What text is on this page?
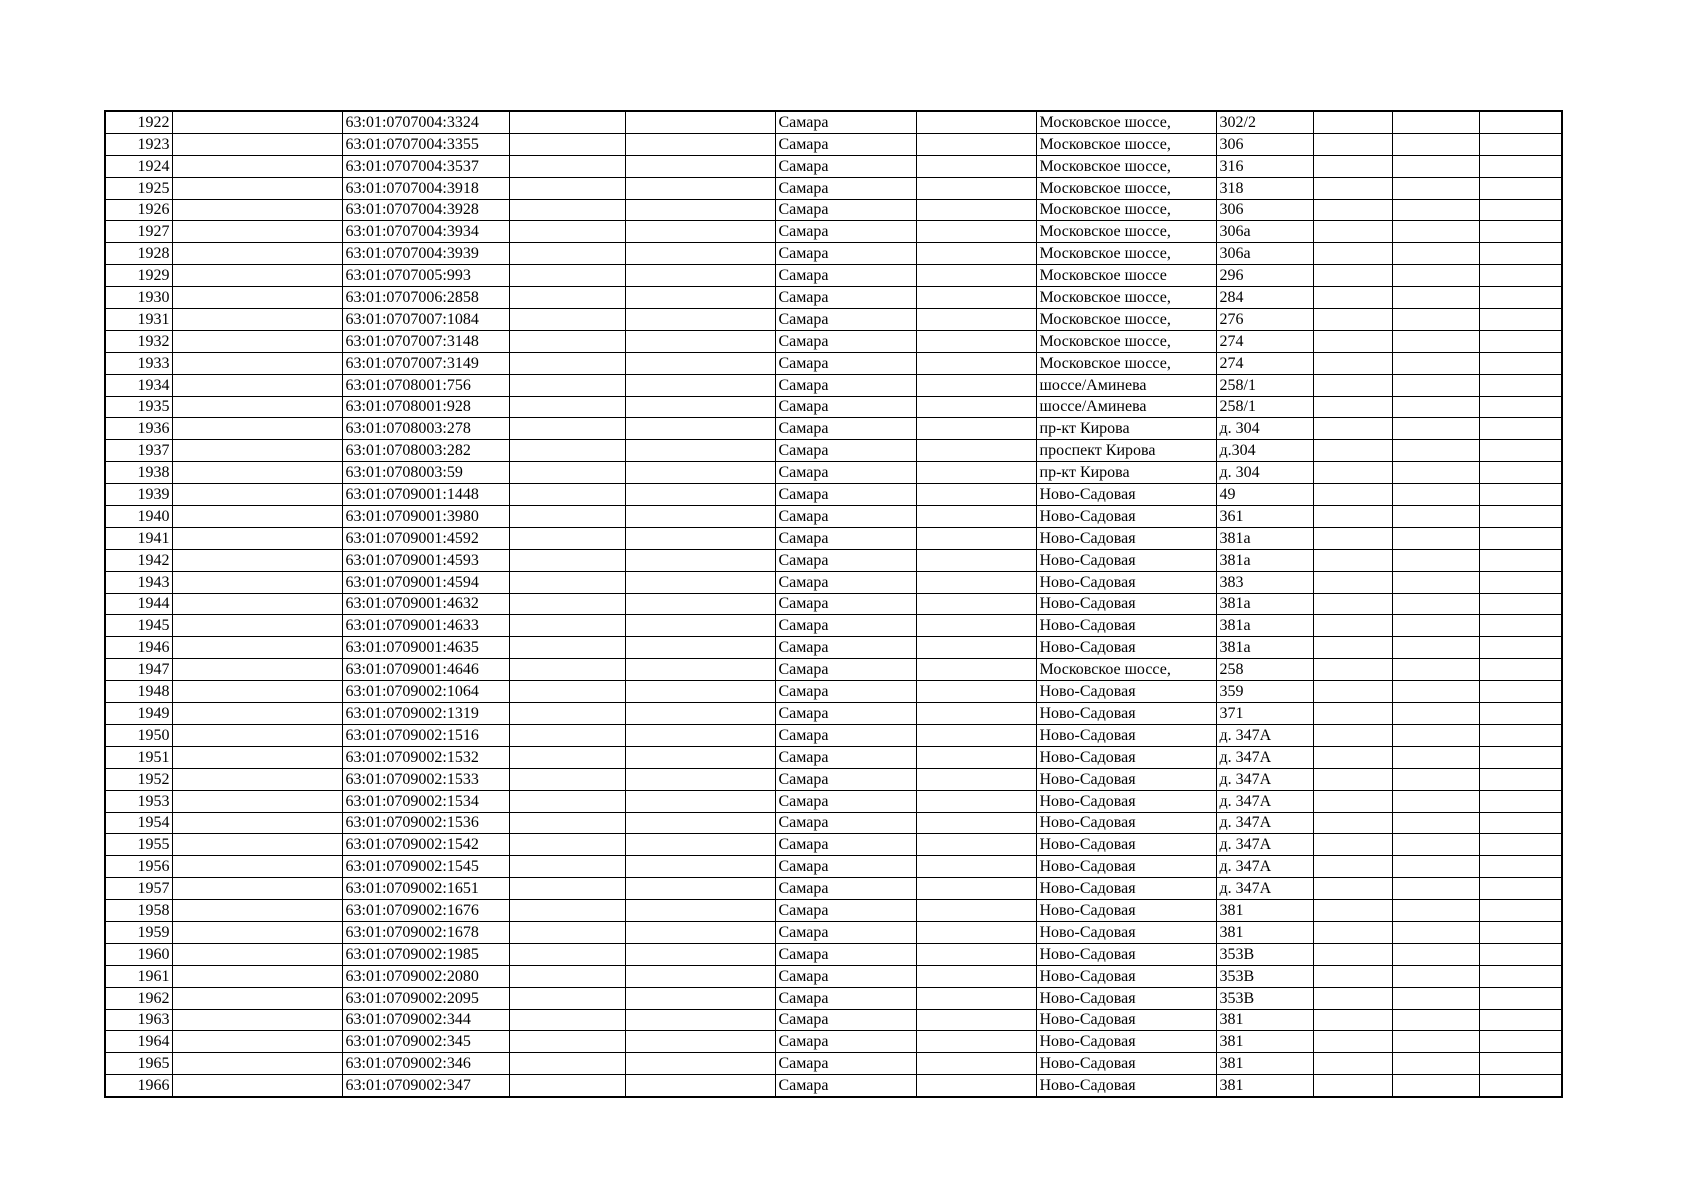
1922		63:01:0707004:3324			Самара		Московское шоссе,	302/2			
1923		63:01:0707004:3355			Самара		Московское шоссе,	306			
1924		63:01:0707004:3537			Самара		Московское шоссе,	316			
1925		63:01:0707004:3918			Самара		Московское шоссе,	318			
1926		63:01:0707004:3928			Самара		Московское шоссе,	306			
1927		63:01:0707004:3934			Самара		Московское шоссе,	306а			
1928		63:01:0707004:3939			Самара		Московское шоссе,	306а			
1929		63:01:0707005:993			Самара		Московское шоссе	296			
1930		63:01:0707006:2858			Самара		Московское шоссе,	284			
1931		63:01:0707007:1084			Самара		Московское шоссе,	276			
1932		63:01:0707007:3148			Самара		Московское шоссе,	274			
1933		63:01:0707007:3149			Самара		Московское шоссе,	274			
1934		63:01:0708001:756			Самара		шоссе/Аминева	258/1			
1935		63:01:0708001:928			Самара		шоссе/Аминева	258/1			
1936		63:01:0708003:278			Самара		пр-кт Кирова	д. 304			
1937		63:01:0708003:282			Самара		проспект Кирова	д.304			
1938		63:01:0708003:59			Самара		пр-кт Кирова	д. 304			
1939		63:01:0709001:1448			Самара		Ново-Садовая	49			
1940		63:01:0709001:3980			Самара		Ново-Садовая	361			
1941		63:01:0709001:4592			Самара		Ново-Садовая	381а			
1942		63:01:0709001:4593			Самара		Ново-Садовая	381а			
1943		63:01:0709001:4594			Самара		Ново-Садовая	383			
1944		63:01:0709001:4632			Самара		Ново-Садовая	381а			
1945		63:01:0709001:4633			Самара		Ново-Садовая	381а			
1946		63:01:0709001:4635			Самара		Ново-Садовая	381а			
1947		63:01:0709001:4646			Самара		Московское шоссе,	258			
1948		63:01:0709002:1064			Самара		Ново-Садовая	359			
1949		63:01:0709002:1319			Самара		Ново-Садовая	371			
1950		63:01:0709002:1516			Самара		Ново-Садовая	д. 347А			
1951		63:01:0709002:1532			Самара		Ново-Садовая	д. 347А			
1952		63:01:0709002:1533			Самара		Ново-Садовая	д. 347А			
1953		63:01:0709002:1534			Самара		Ново-Садовая	д. 347А			
1954		63:01:0709002:1536			Самара		Ново-Садовая	д. 347А			
1955		63:01:0709002:1542			Самара		Ново-Садовая	д. 347А			
1956		63:01:0709002:1545			Самара		Ново-Садовая	д. 347А			
1957		63:01:0709002:1651			Самара		Ново-Садовая	д. 347А			
1958		63:01:0709002:1676			Самара		Ново-Садовая	381			
1959		63:01:0709002:1678			Самара		Ново-Садовая	381			
1960		63:01:0709002:1985			Самара		Ново-Садовая	353В			
1961		63:01:0709002:2080			Самара		Ново-Садовая	353В			
1962		63:01:0709002:2095			Самара		Ново-Садовая	353В			
1963		63:01:0709002:344			Самара		Ново-Садовая	381			
1964		63:01:0709002:345			Самара		Ново-Садовая	381			
1965		63:01:0709002:346			Самара		Ново-Садовая	381			
1966		63:01:0709002:347			Самара		Ново-Садовая	381			
